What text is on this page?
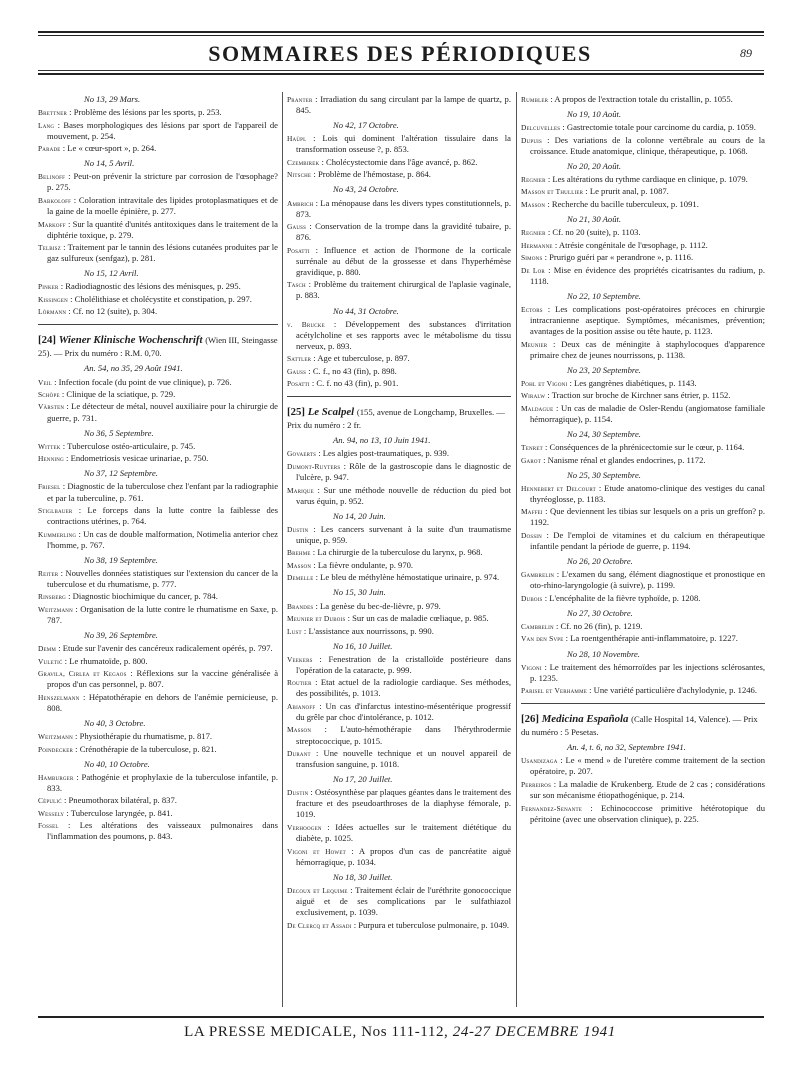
SOMMAIRES DES PÉRIODIQUES	89
No 13, 29 Mars.
Brettner : Problème des lésions par les sports, p. 253.
Lang : Bases morphologiques des lésions par sport de l'appareil de mouvement, p. 254.
Parade : Le « cœur-sport », p. 264.
No 14, 5 Avril.
Belinoff : Peut-on prévenir la stricture par corrosion de l'œsophage? p. 275.
Babkoloff : Coloration intravitale des lipides protoplasmatiques et de la gaine de la moelle épinière, p. 277.
Markoff : Sur la quantité d'unités antitoxiques dans le traitement de la diphtérie toxique, p. 279.
Telbisz : Traitement par le tannin des lésions cutanées produites par le gaz sulfureux (senfgaz), p. 281.
No 15, 12 Avril.
Pinker : Radiodiagnostic des lésions des ménisques, p. 295.
Kissingen : Cholélithiase et cholécystite et constipation, p. 297.
Lörmann : Cf. no 12 (suite), p. 304.
[24] Wiener Klinische Wochenschrift (Wien III, Steingasse 25). — Prix du numéro : R.M. 0,70.
An. 54, no 35, 29 Août 1941.
Veil : Infection focale (du point de vue clinique), p. 726.
Schöpe : Clinique de la sciatique, p. 729.
Värsten : Le détecteur de métal, nouvel auxiliaire pour la chirurgie de guerre, p. 731.
No 36, 5 Septembre.
Wittek : Tuberculose ostéo-articulaire, p. 745.
Henning : Endometriosis vesicae urinariae, p. 750.
No 37, 12 Septembre.
Friesel : Diagnostic de la tuberculose chez l'enfant par la radiographie et par la tuberculine, p. 761.
Stiglbauer : Le forceps dans la lutte contre la faiblesse des contractions utérines, p. 764.
Kummerling : Un cas de double malformation, Notimelia anterior chez l'homme, p. 767.
No 38, 19 Septembre.
Reiter : Nouvelles données statistiques sur l'extension du cancer de la tuberculose et du rhumatisme, p. 777.
Rinsberg : Diagnostic biochimique du cancer, p. 784.
Weitzmann : Organisation de la lutte contre le rhumatisme en Saxe, p. 787.
No 39, 26 Septembre.
Demm : Etude sur l'avenir des cancéreux radicalement opérés, p. 797.
Vuletić : Le rhumatoïde, p. 800.
Gravila, Cirlea et Kegaos : Réflexions sur la vaccine généralisée à propos d'un cas personnel, p. 807.
Henszelmann : Hépatothérapie en dehors de l'anémie pernicieuse, p. 808.
No 40, 3 Octobre.
Weitzmann : Physiothérapie du rhumatisme, p. 817.
Poindecker : Crénothérapie de la tuberculose, p. 821.
No 40, 10 Octobre.
Hamburger : Pathogénie et prophylaxie de la tuberculose infantile, p. 833.
Cépulić : Pneumothorax bilatéral, p. 837.
Wessely : Tuberculose laryngée, p. 841.
Fossel : Les altérations des vaisseaux pulmonaires dans l'inflammation des poumons, p. 843.
Pranter : Irradiation du sang circulant par la lampe de quartz, p. 845.
No 42, 17 Octobre.
Haüpl : Lois qui dominent l'altération tissulaire dans la transformation osseuse ?, p. 853.
Czembirek : Cholécystectomie dans l'âge avancé, p. 862.
Nitsche : Problème de l'hémostase, p. 864.
No 43, 24 Octobre.
Ambrich : La ménopause dans les divers types constitutionnels, p. 873.
Gauss : Conservation de la trompe dans la gravidité tubaire, p. 876.
Posatti : Influence et action de l'hormone de la corticale surrénale au début de la grossesse et dans l'hyperhémèse gravidique, p. 880.
Tasch : Problème du traitement chirurgical de l'aplasie vaginale, p. 883.
No 44, 31 Octobre.
v. Brucke : Développement des substances d'irritation acétylcholine et ses rapports avec le métabolisme du tissu nerveux, p. 893.
Sattler : Age et tuberculose, p. 897.
Gauss : C. f., no 43 (fin), p. 898.
Posatti : C. f. no 43 (fin), p. 901.
[25] Le Scalpel (155, avenue de Longchamp, Bruxelles. — Prix du numéro : 2 fr.
An. 94, no 13, 10 Juin 1941.
Govaerts : Les algies post-traumatiques, p. 939.
Dumont-Ruyters : Rôle de la gastroscopie dans le diagnostic de l'ulcère, p. 947.
Marique : Sur une méthode nouvelle de réduction du pied bot varus équin, p. 952.
No 14, 20 Juin.
Dustin : Les cancers survenant à la suite d'un traumatisme unique, p. 959.
Brehme : La chirurgie de la tuberculose du larynx, p. 968.
Masson : La fièvre ondulante, p. 970.
Demelle : Le bleu de méthylène hémostatique urinaire, p. 974.
No 15, 30 Juin.
Brandes : La genèse du bec-de-lièvre, p. 979.
Meunier et Dubois : Sur un cas de maladie cœliaque, p. 985.
Lust : L'assistance aux nourrissons, p. 990.
No 16, 10 Juillet.
Veekers : Fenestration de la cristalloïde postérieure dans l'opération de la cataracte, p. 999.
Routier : Etat actuel de la radiologie cardiaque. Ses méthodes, des possibilités, p. 1013.
Abianoff : Un cas d'infarctus intestino-mésentérique progressif du grêle par choc d'intolérance, p. 1012.
Masson : L'auto-hémothérapie dans l'hérythrodermie streptococcique, p. 1015.
Durant : Une nouvelle technique et un nouvel appareil de transfusion sanguine, p. 1018.
No 17, 20 Juillet.
Dustin : Ostéosynthèse par plaques géantes dans le traitement des fracture et des pseudoarthroses de la diaphyse fémorale, p. 1019.
Verhoogen : Idées actuelles sur le traitement diététique du diabète, p. 1025.
Vigoni et Howet : A propos d'un cas de pancréatite aiguë hémorragique, p. 1034.
No 18, 30 Juillet.
Decoux et Lequime : Traitement éclair de l'uréthrite gonococcique aiguë et de ses complications par le sulfathiazol exclusivement, p. 1039.
De Clercq et Assadi : Purpura et tuberculose pulmonaire, p. 1049.
Rumbler : A propos de l'extraction totale du cristallin, p. 1055.
No 19, 10 Août.
Delcuvelles : Gastrectomie totale pour carcinome du cardia, p. 1059.
Dupuis : Des variations de la colonne vertébrale au cours de la croissance. Etude anatomique, clinique, thérapeutique, p. 1068.
No 20, 20 Août.
Regnier : Les altérations du rythme cardiaque en clinique, p. 1079.
Masson et Thullier : Le prurit anal, p. 1087.
Masson : Recherche du bacille tuberculeux, p. 1091.
No 21, 30 Août.
Regnier : Cf. no 20 (suite), p. 1103.
Hermanne : Atrésie congénitale de l'œsophage, p. 1112.
Simons : Prurigo guéri par « perandrone », p. 1116.
De Lor : Mise en évidence des propriétés cicatrisantes du radium, p. 1118.
No 22, 10 Septembre.
Ectors : Les complications post-opératoires précoces en chirurgie intracranienne aseptique. Symptômes, mécanismes, prévention; avantages de la position assise ou tête haute, p. 1123.
Meunier : Deux cas de méningite à staphylocoques d'apparence primaire chez de jeunes nourrissons, p. 1138.
No 23, 20 Septembre.
Pohl et Vigoni : Les gangrènes diabétiques, p. 1143.
Wiralw : Traction sur broche de Kirchner sans étrier, p. 1152.
Maldague : Un cas de maladie de Osler-Rendu (angiomatose familiale hémorragique), p. 1154.
No 24, 30 Septembre.
Tenret : Conséquences de la phrénicectomie sur le cœur, p. 1164.
Garot : Nanisme rénal et glandes endocrines, p. 1172.
No 25, 30 Septembre.
Hennebert et Delcourt : Etude anatomo-clinique des vestiges du canal thyréoglosse, p. 1183.
Maffei : Que deviennent les tibias sur lesquels on a pris un greffon? p. 1192.
Dossin : De l'emploi de vitamines et du calcium en thérapeutique infantile pendant la période de guerre, p. 1194.
No 26, 20 Octobre.
Gambrelin : L'examen du sang, élément diagnostique et pronostique en oto-rhino-laryngologie (à suivre), p. 1199.
Dubois : L'encéphalite de la fièvre typhoïde, p. 1208.
No 27, 30 Octobre.
Cambrelin : Cf. no 26 (fin), p. 1219.
Van den Svpe : La roentgenthérapie anti-inflammatoire, p. 1227.
No 28, 10 Novembre.
Vigoni : Le traitement des hémorroïdes par les injections sclérosantes, p. 1235.
Parisel et Verhamme : Une variété particulière d'achylodynie, p. 1246.
[26] Medicina Española (Calle Hospital 14, Valence). — Prix du numéro : 5 Pesetas.
An. 4, t. 6, no 32, Septembre 1941.
Usandizaga : Le « mend » de l'uretère comme traitement de la section opératoire, p. 207.
Perreiros : La maladie de Krukenberg. Etude de 2 cas ; considérations sur son mécanisme étiopathogénique, p. 214.
Fernandez-Senante : Echinococcose primitive hétérotopique du péritoine (avec une observation clinique), p. 225.
LA PRESSE MEDICALE, Nos 111-112, 24-27 DECEMBRE 1941
